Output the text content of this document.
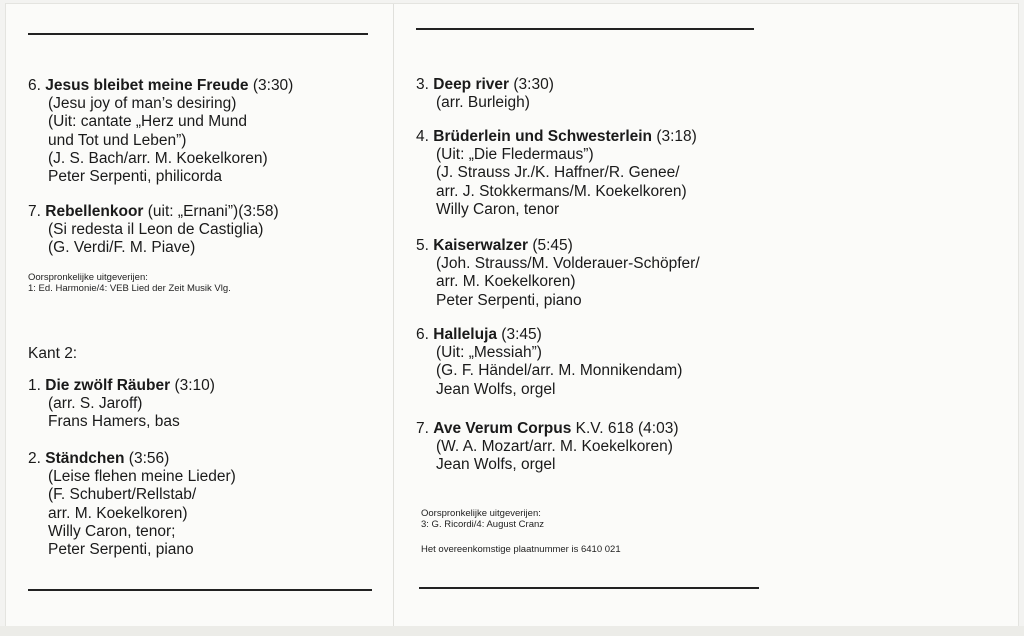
6. Jesus bleibet meine Freude (3:30)
(Jesu joy of man’s desiring)
(Uit: cantate „Herz und Mund
und Tot und Leben”)
(J. S. Bach/arr. M. Koekelkoren)
Peter Serpenti, philicorda
7. Rebellenkoor (uit: „Ernani”)(3:58)
(Si redesta il Leon de Castiglia)
(G. Verdi/F. M. Piave)
Oorspronkelijke uitgeverijen:
1: Ed. Harmonie/4: VEB Lied der Zeit Musik Vlg.
Kant 2:
1. Die zwölf Räuber (3:10)
(arr. S. Jaroff)
Frans Hamers, bas
2. Ständchen (3:56)
(Leise flehen meine Lieder)
(F. Schubert/Rellstab/
arr. M. Koekelkoren)
Willy Caron, tenor;
Peter Serpenti, piano
3. Deep river (3:30)
(arr. Burleigh)
4. Brüderlein und Schwesterlein (3:18)
(Uit: „Die Fledermaus”)
(J. Strauss Jr./K. Haffner/R. Genee/
arr. J. Stokkermans/M. Koekelkoren)
Willy Caron, tenor
5. Kaiserwalzer (5:45)
(Joh. Strauss/M. Volderauer-Schöpfer/
arr. M. Koekelkoren)
Peter Serpenti, piano
6. Halleluja (3:45)
(Uit: „Messiah”)
(G. F. Händel/arr. M. Monnikendam)
Jean Wolfs, orgel
7. Ave Verum Corpus K.V. 618 (4:03)
(W. A. Mozart/arr. M. Koekelkoren)
Jean Wolfs, orgel
Oorspronkelijke uitgeverijen:
3: G. Ricordi/4: August Cranz
Het overeenkomstige plaatnummer is 6410 021
